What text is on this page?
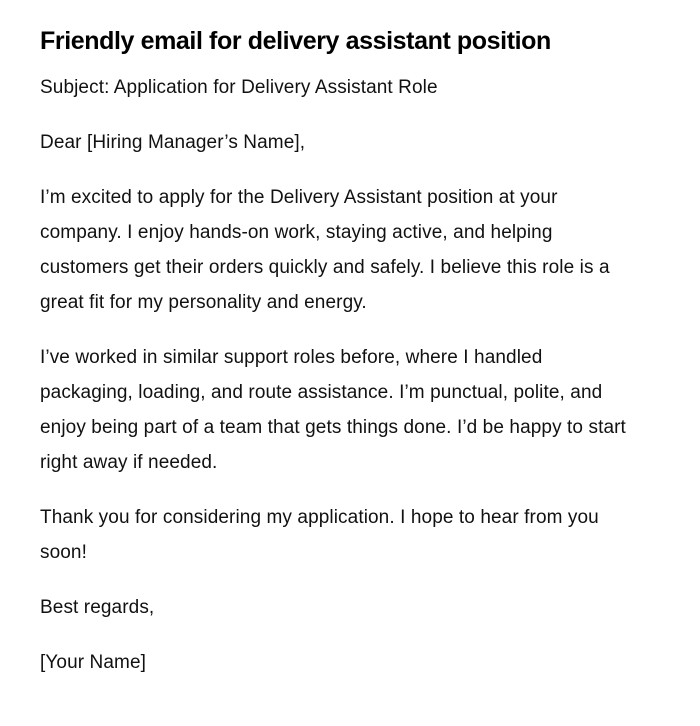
Friendly email for delivery assistant position

Subject: Application for Delivery Assistant Role

Dear [Hiring Manager’s Name],

I’m excited to apply for the Delivery Assistant position at your company. I enjoy hands-on work, staying active, and helping customers get their orders quickly and safely. I believe this role is a great fit for my personality and energy.

I’ve worked in similar support roles before, where I handled packaging, loading, and route assistance. I’m punctual, polite, and enjoy being part of a team that gets things done. I’d be happy to start right away if needed.

Thank you for considering my application. I hope to hear from you soon!

Best regards,

[Your Name]
